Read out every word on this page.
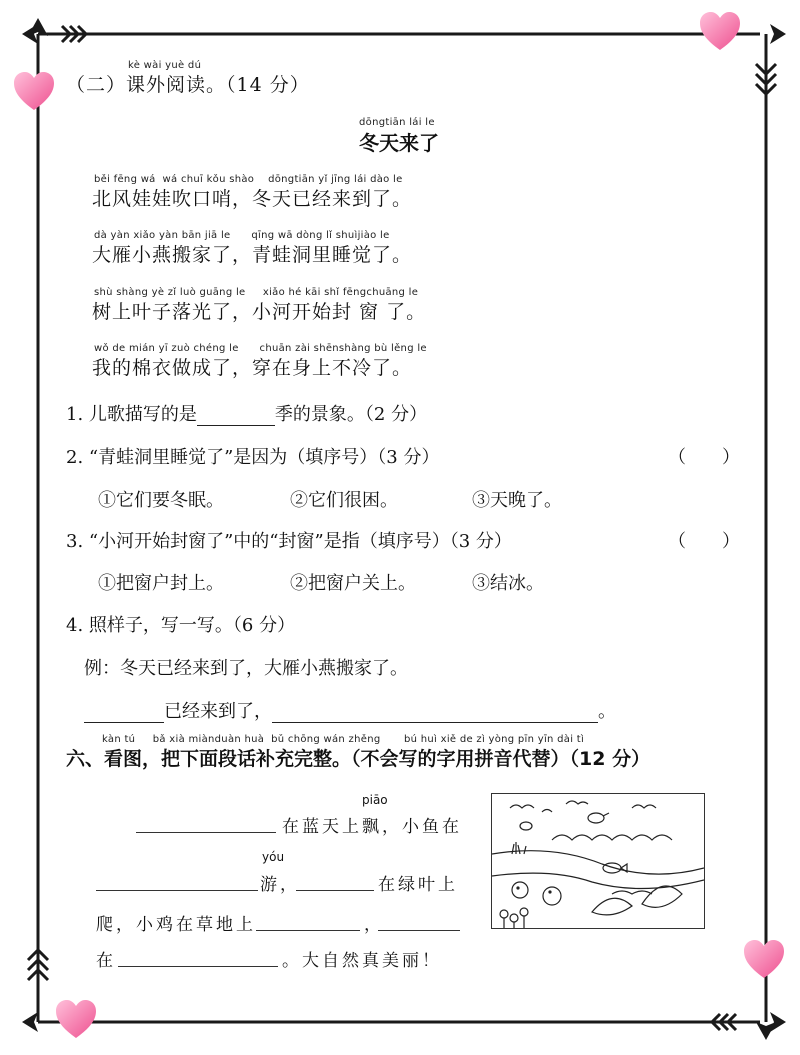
kè wài yuè dú
（二）课外阅读。（14 分）
dōngtiān lái le
冬天来了
běi fēng wá  wá chuī kǒu shào    dōngtiān yǐ jīng lái dào le
北风娃娃吹口哨，冬天已经来到了。
dà yàn xiǎo yàn bān jiā le      qīng wā dòng lǐ shuìjiào le
大雁小燕搬家了，青蛙洞里睡觉了。
shù shàng yè zǐ luò guāng le     xiǎo hé kāi shǐ fēngchuāng le
树上叶子落光了，小河开始封 窗 了。
wǒ de mián yī zuò chéng le      chuān zài shēnshàng bù lěng le
我的棉衣做成了，穿在身上不冷了。
1. 儿歌描写的是	季的景象。（2 分）
2. “青蛙洞里睡觉了”是因为（填序号）（3 分）	（　　）
①它们要冬眠。	②它们很困。	③天晚了。
3. “小河开始封窗了”中的“封窗”是指（填序号）（3 分）	（　　）
①把窗户封上。	②把窗户关上。	③结冰。
4. 照样子，写一写。（6 分）
例：冬天已经来到了，大雁小燕搬家了。
已经来到了，	。
kàn tú     bǎ xià miànduàn huà  bǔ chōng wán zhěng bú huì xiě de zì yòng pīn yīn dài tì
六、看图，把下面段话补充完整。（不会写的字用拼音代替）（12 分）
piāo
在蓝天上飘，小鱼在
yóu
游，	在绿叶上
爬，小鸡在草地上	，
在	。大自然真美丽！
